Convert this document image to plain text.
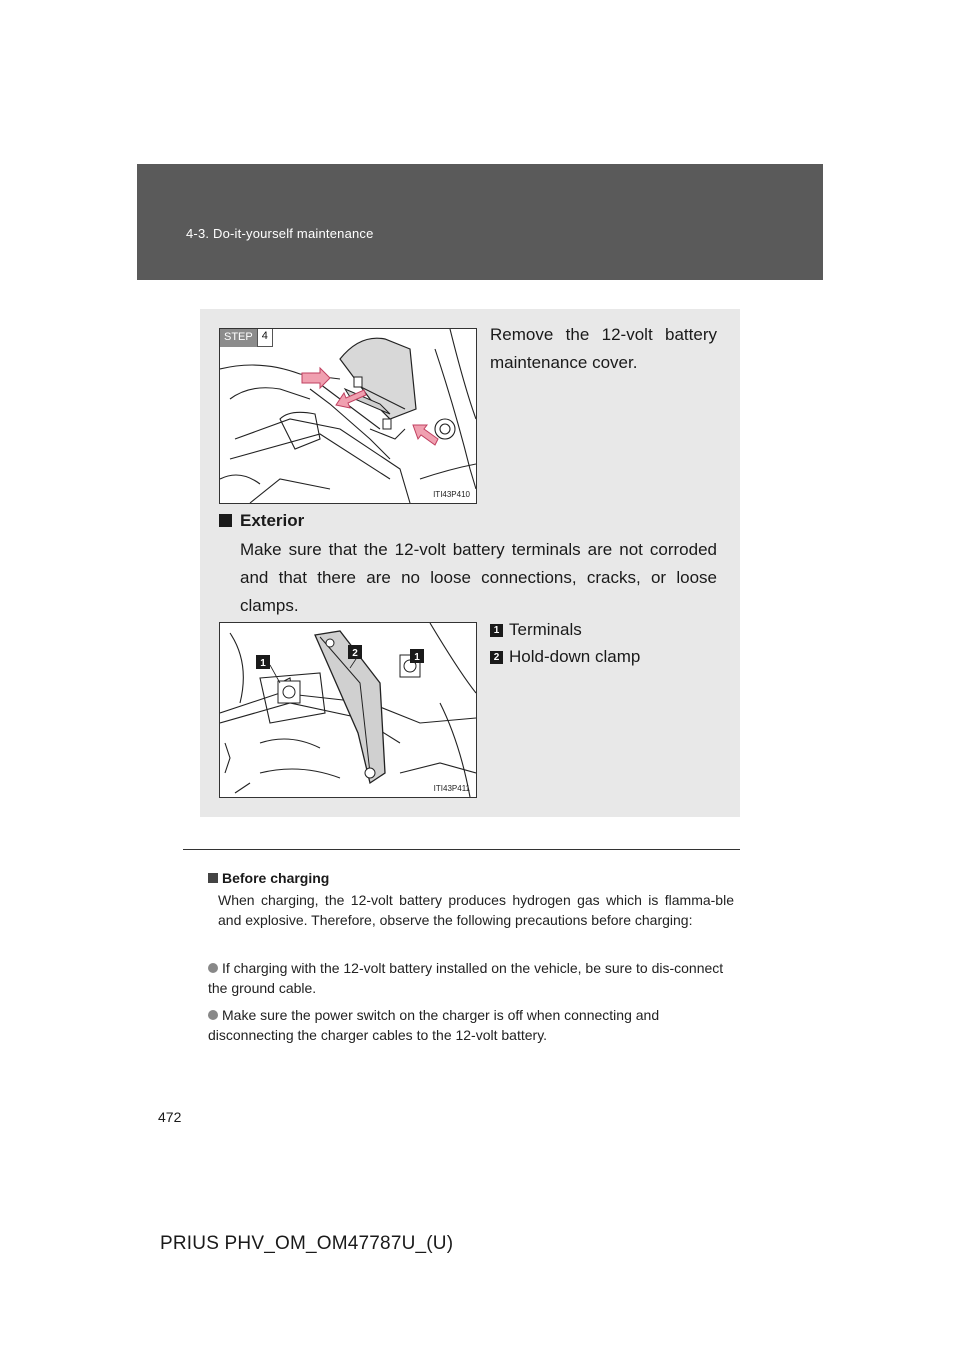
4-3. Do-it-yourself maintenance
STEP 4
ITI43P410
Remove the 12-volt battery maintenance cover.
Exterior
Make sure that the 12-volt battery terminals are not corroded and that there are no loose connections, cracks, or loose clamps.
1
2	1
ITI43P411
1 Terminals
2 Hold-down clamp
Before charging
When charging, the 12-volt battery produces hydrogen gas which is flamma-ble and explosive. Therefore, observe the following precautions before charging:
If charging with the 12-volt battery installed on the vehicle, be sure to dis-connect the ground cable.
Make sure the power switch on the charger is off when connecting and disconnecting the charger cables to the 12-volt battery.
472
PRIUS PHV_OM_OM47787U_(U)
